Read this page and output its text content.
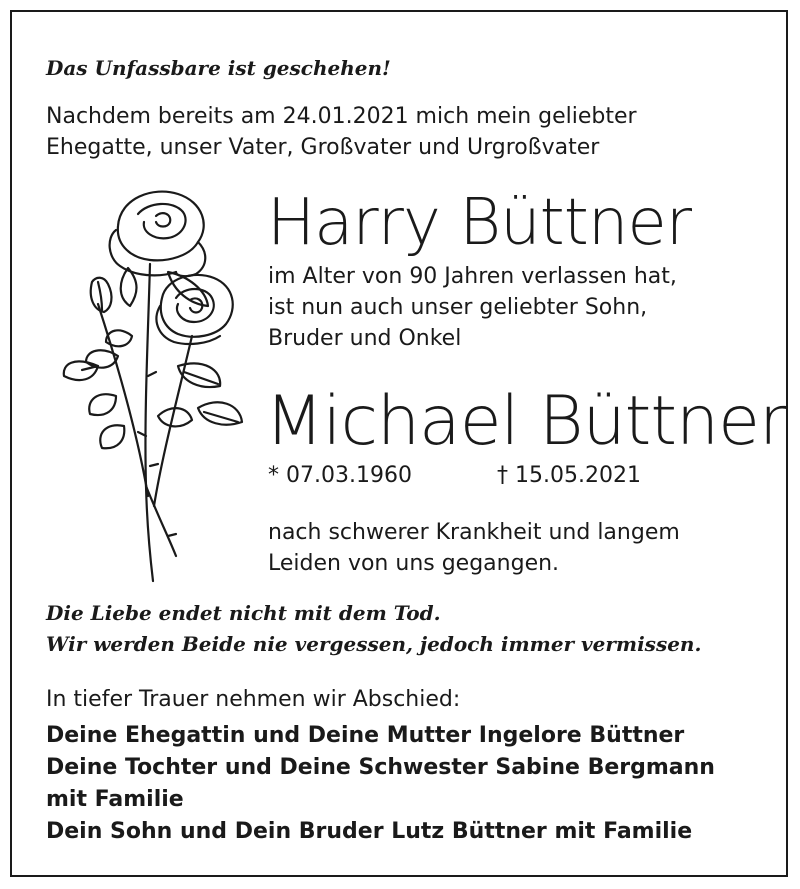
Das Unfassbare ist geschehen!
Nachdem bereits am 24.01.2021 mich mein geliebter
Ehegatte, unser Vater, Großvater und Urgroßvater
Harry Büttner
im Alter von 90 Jahren verlassen hat,
ist nun auch unser geliebter Sohn,
Bruder und Onkel
Michael Büttner
* 07.03.1960	† 15.05.2021
nach schwerer Krankheit und langem
Leiden von uns gegangen.
Die Liebe endet nicht mit dem Tod.
Wir werden Beide nie vergessen, jedoch immer vermissen.
In tiefer Trauer nehmen wir Abschied:
Deine Ehegattin und Deine Mutter Ingelore Büttner
Deine Tochter und Deine Schwester Sabine Bergmann
mit Familie
Dein Sohn und Dein Bruder Lutz Büttner mit Familie
